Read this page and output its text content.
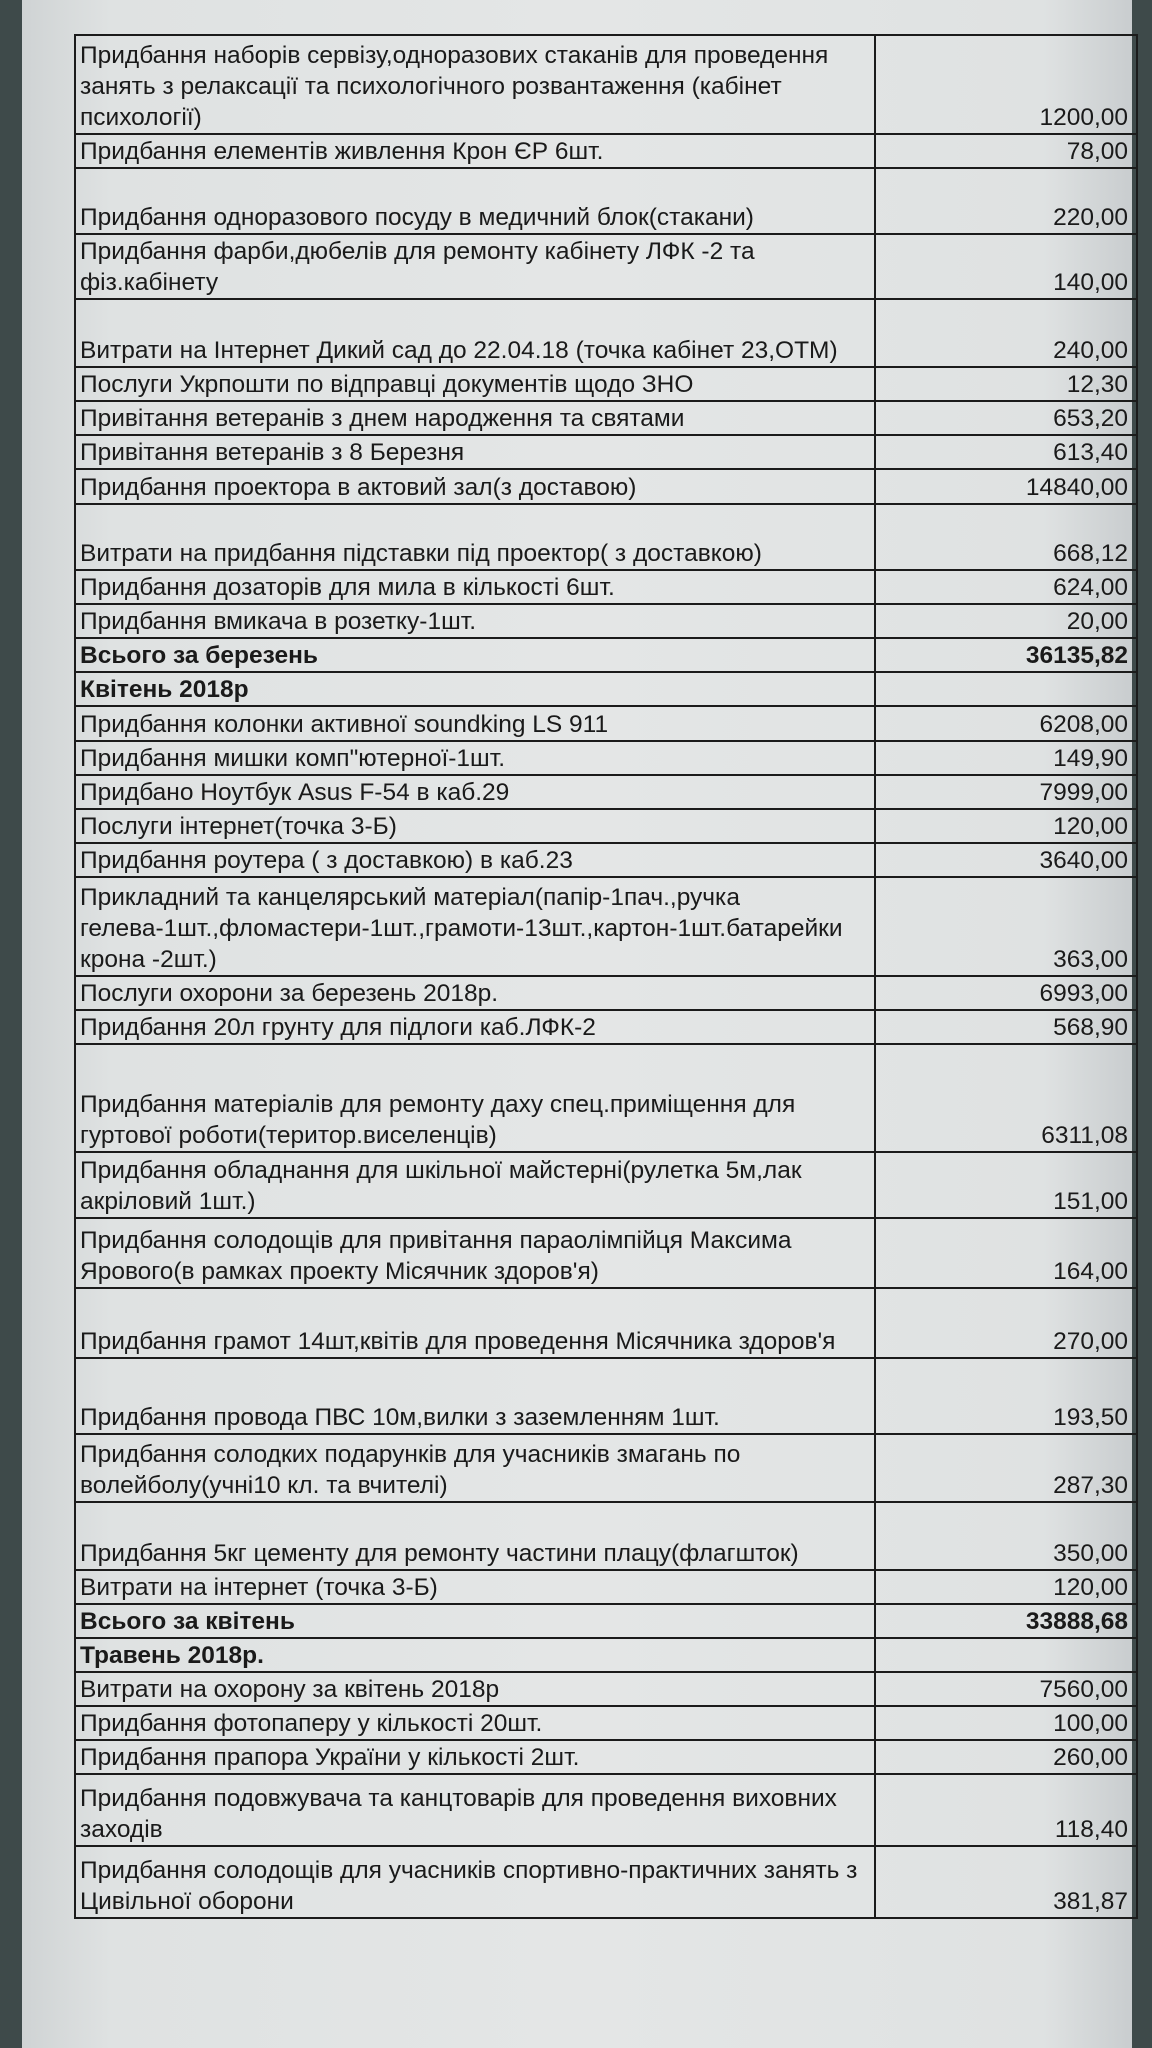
Придбання наборів сервізу,одноразових стаканів для проведення занять з релаксації та психологічного розвантаження (кабінет психології)	1200,00
Придбання елементів живлення Крон ЄР 6шт.	78,00
Придбання одноразового посуду в медичний блок(стакани)	220,00
Придбання фарби,дюбелів для ремонту кабінету ЛФК -2 та фіз.кабінету	140,00
Витрати на Інтернет Дикий сад до 22.04.18 (точка кабінет 23,ОТМ)	240,00
Послуги Укрпошти по відправці документів щодо ЗНО	12,30
Привітання ветеранів з днем народження та святами	653,20
Привітання ветеранів з 8 Березня	613,40
Придбання проектора в актовий зал(з доставою)	14840,00
Витрати на придбання підставки під проектор( з доставкою)	668,12
Придбання дозаторів для мила в кількості 6шт.	624,00
Придбання вмикача в розетку-1шт.	20,00
Всього за березень	36135,82
Квітень 2018р	
Придбання колонки активної soundking LS 911	6208,00
Придбання мишки комп"ютерної-1шт.	149,90
Придбано Ноутбук Asus F-54 в каб.29	7999,00
Послуги інтернет(точка 3-Б)	120,00
Придбання роутера ( з доставкою) в каб.23	3640,00
Прикладний та канцелярський матеріал(папір-1пач.,ручка гелева-1шт.,фломастери-1шт.,грамоти-13шт.,картон-1шт.батарейки крона -2шт.)	363,00
Послуги охорони за березень 2018р.	6993,00
Придбання 20л грунту для підлоги каб.ЛФК-2	568,90
Придбання матеріалів для ремонту даху спец.приміщення для гуртової роботи(територ.виселенців)	6311,08
Придбання обладнання для шкільної майстерні(рулетка 5м,лак акріловий 1шт.)	151,00
Придбання солодощів для привітання параолімпійця Максима Ярового(в рамках проекту Місячник здоров'я)	164,00
Придбання грамот 14шт,квітів для проведення Місячника здоров'я	270,00
Придбання провода ПВС 10м,вилки з заземленням 1шт.	193,50
Придбання солодких подарунків для учасників змагань по волейболу(учні10 кл. та вчителі)	287,30
Придбання 5кг цементу для ремонту частини плацу(флагшток)	350,00
Витрати на інтернет (точка 3-Б)	120,00
Всього за квітень	33888,68
Травень 2018р.	
Витрати на охорону за квітень 2018р	7560,00
Придбання фотопаперу у кількості 20шт.	100,00
Придбання прапора України у кількості 2шт.	260,00
Придбання подовжувача та канцтоварів для проведення виховних заходів	118,40
Придбання солодощів для учасників спортивно-практичних занять з Цивільної оборони	381,87
